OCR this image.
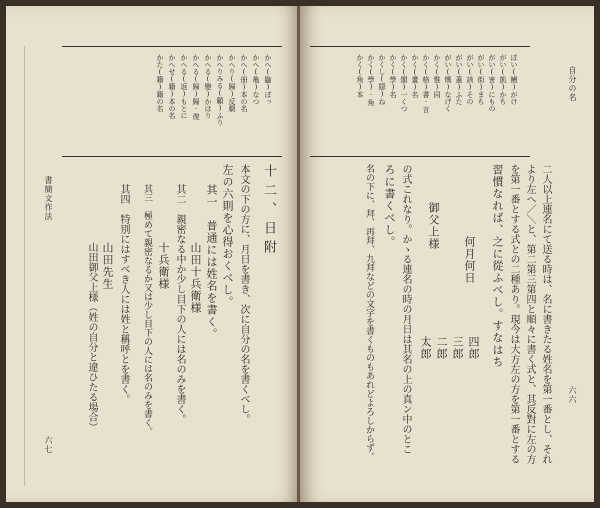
書簡文作法
六七
かへ(鼬)ぼっ
かへ(亀)なつ
かへ(冊)本の名
かへり(歸)反劇
かへりみる(顧)ふり
かへる(變)かはり
かへる(歸)歸·復
かへる(返)もとに
かへせ(籍)本の名
かた(籍)籍の名
十二、日附
本文の下の方に、月日を書き、次に自分の名を書くべし。
左の六則を心得おくべし。
其一　普通には姓名を書く。
山田十兵衛様
其二　親密なる中か少し目下の人には名のみを書く。
十兵衛様
其三　極めて親密なるか又は少し目下の人には名のみを書く。
其四　特別にはすべき人には姓と稱呼とを書く。
山田先生
山田御父上様（姓の自分と違ひたる場合）
自分の名
六六
ぼい(鰻)がけ
がい(凱)かち
がい(害)にもの
がい(街)まち
がい(該)その
がい(蓋)ふた
がい(慨)なげく
かく(惟)同
かく(格)書·言
かく(畫)名
かく(閣)一くつ
かく(學)名
かくし(隠)ね
かく(學)·角
かく(角)本
二人以上連名にて送る時は、名に書きたる姓名を第一番とし、それ
より左へ／＼と、第二第三第四と順々に書く式と、其反對に左の方
を第一番とする式との二種あり。現今は大方左の方を第一番とする
習慣なれば、之に從ふべし。すなはち
何月何日
四郎
三郎
二郎
太郎
御父上様
の式これなり。かゝる連名の時の月日は其名の上の真ン中のとこ
ろに書くべし。
名の下に、拜、再拜、九拜などの文字を書くものもあれどよろしからず。
